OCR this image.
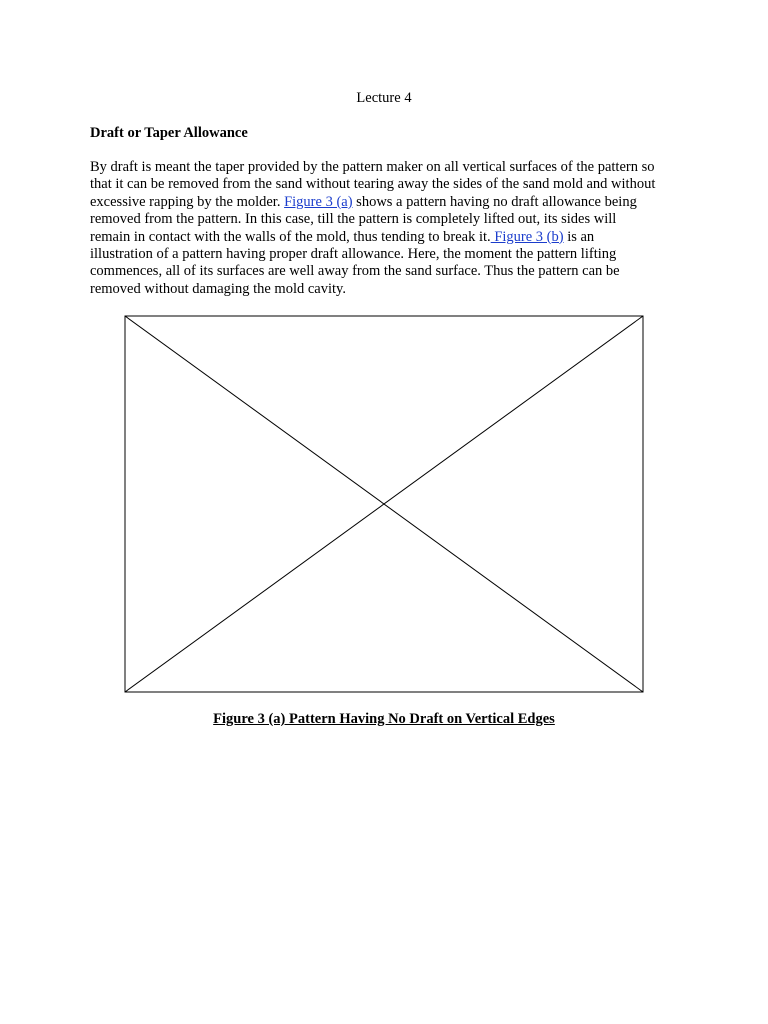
Lecture 4
Draft or Taper Allowance
By draft is meant the taper provided by the pattern maker on all vertical surfaces of the pattern so
that it can be removed from the sand without tearing away the sides of the sand mold and without
excessive rapping by the molder. Figure 3 (a) shows a pattern having no draft allowance being
removed from the pattern. In this case, till the pattern is completely lifted out, its sides will
remain in contact with the walls of the mold, thus tending to break it. Figure 3 (b) is an
illustration of a pattern having proper draft allowance. Here, the moment the pattern lifting
commences, all of its surfaces are well away from the sand surface. Thus the pattern can be
removed without damaging the mold cavity.
Figure 3 (a) Pattern Having No Draft on Vertical Edges
